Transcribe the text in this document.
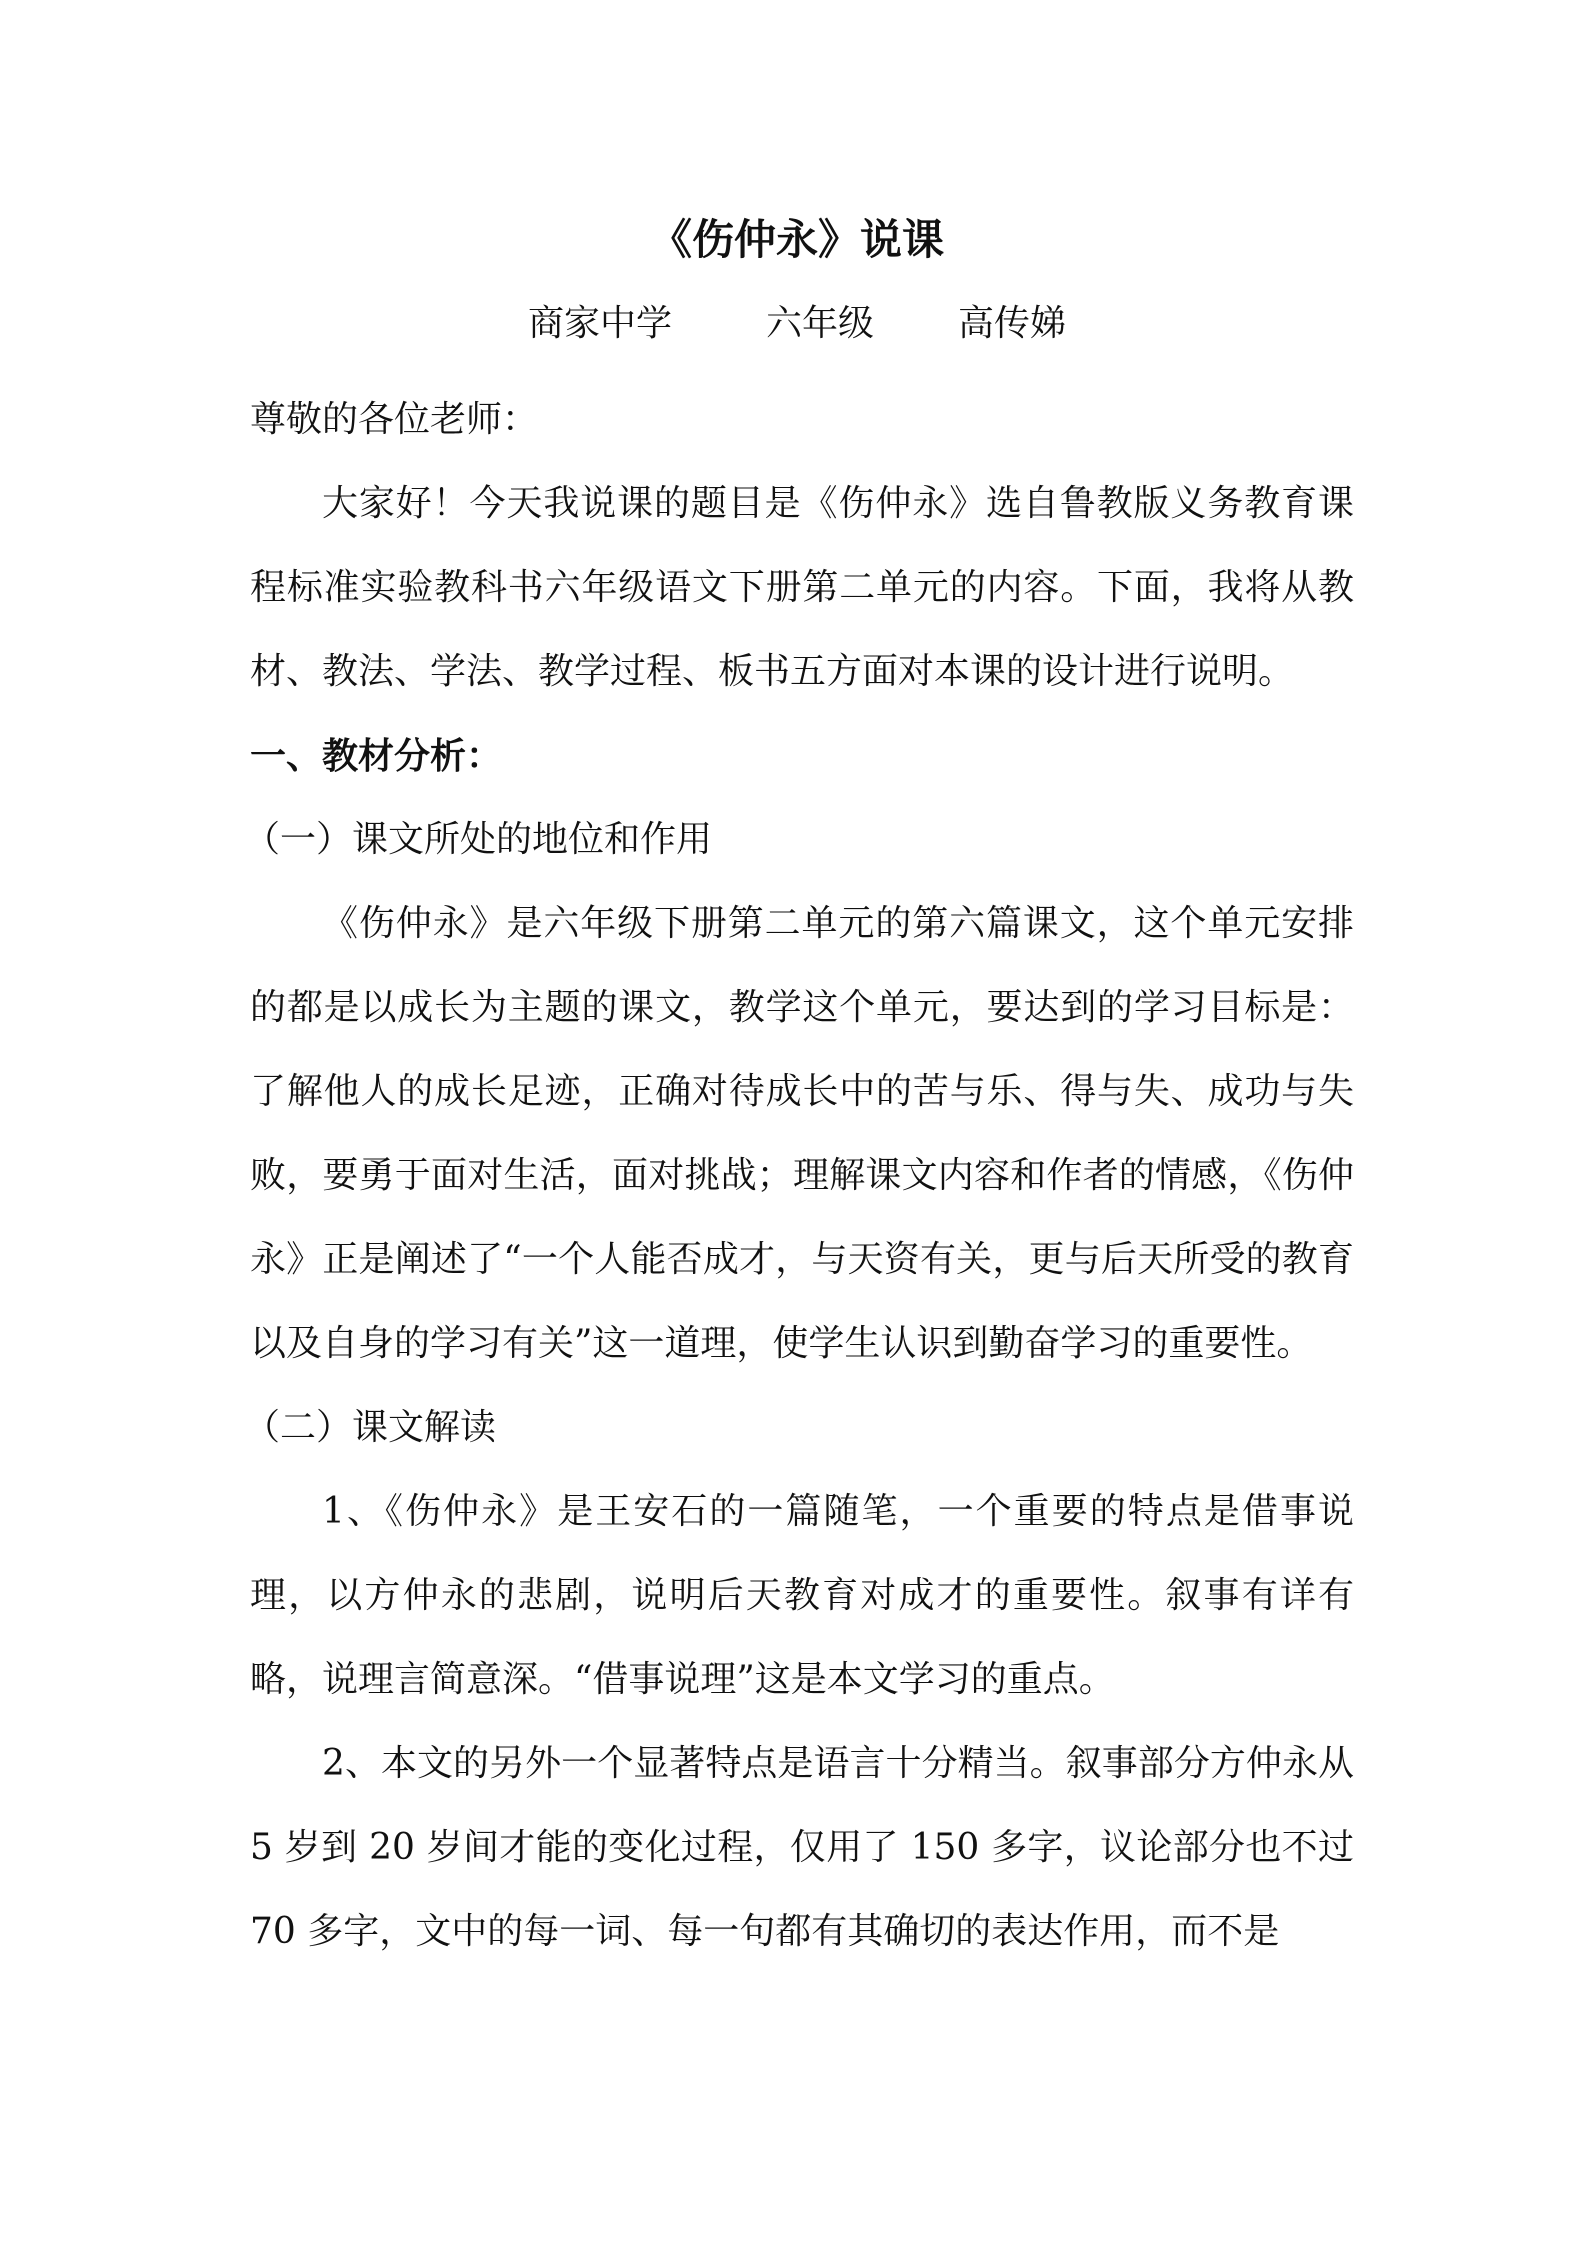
《伤仲永》说课
商家中学	六年级 高传娣

尊敬的各位老师：

大家好！今天我说课的题目是《伤仲永》选自鲁教版义务教育课程标准实验教科书六年级语文下册第二单元的内容。下面，我将从教材、教法、学法、教学过程、板书五方面对本课的设计进行说明。

一、教材分析：

（一）课文所处的地位和作用

《伤仲永》是六年级下册第二单元的第六篇课文，这个单元安排的都是以成长为主题的课文，教学这个单元，要达到的学习目标是：了解他人的成长足迹，正确对待成长中的苦与乐、得与失、成功与失败，要勇于面对生活，面对挑战；理解课文内容和作者的情感，《伤仲永》正是阐述了“一个人能否成才，与天资有关，更与后天所受的教育以及自身的学习有关”这一道理，使学生认识到勤奋学习的重要性。

（二）课文解读

1、《伤仲永》是王安石的一篇随笔，一个重要的特点是借事说理，以方仲永的悲剧，说明后天教育对成才的重要性。叙事有详有略，说理言简意深。“借事说理”这是本文学习的重点。

2、本文的另外一个显著特点是语言十分精当。叙事部分方仲永从 5 岁到 20 岁间才能的变化过程，仅用了 150 多字，议论部分也不过 70 多字，文中的每一词、每一句都有其确切的表达作用，而不是
